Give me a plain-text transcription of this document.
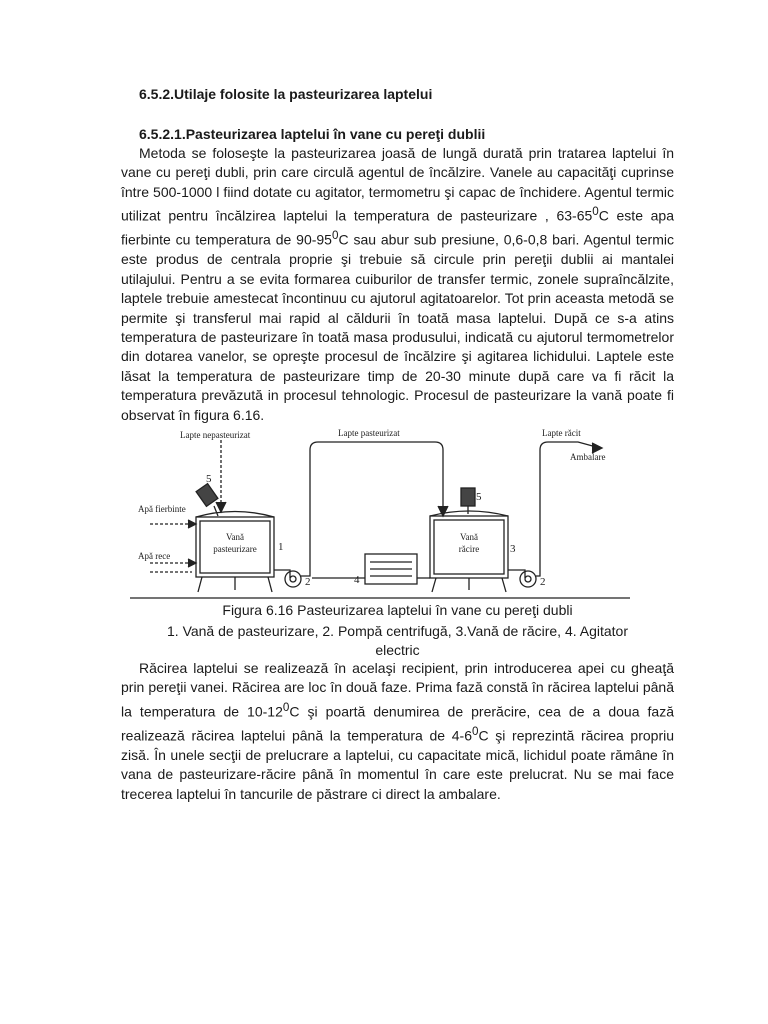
6.5.2.Utilaje folosite la pasteurizarea laptelui
6.5.2.1.Pasteurizarea laptelui în vane cu pereţi dublii

Metoda se foloseşte la pasteurizarea joasă de lungă durată prin tratarea laptelui în vane cu pereţi dubli, prin care circulă agentul de încălzire. Vanele au capacităţi cuprinse între 500-1000 l fiind dotate cu agitator, termometru şi capac de închidere. Agentul termic utilizat pentru încălzirea laptelui la temperatura de pasteurizare , $63-65^0C$ este apa fierbinte cu temperatura de $90-95^0C$ sau abur sub presiune, 0,6-0,8 bari. Agentul termic este produs de centrala proprie şi trebuie să circule prin pereţii dublii ai mantalei utilajului. Pentru a se evita formarea cuiburilor de transfer termic, zonele supraîncălzite, laptele trebuie amestecat încontinuu cu ajutorul agitatoarelor. Tot prin aceasta metodă se permite şi transferul mai rapid al căldurii în toată masa laptelui. După ce s-a atins temperatura de pasteurizare în toată masa produsului, indicată cu ajutorul termometrelor din dotarea vanelor, se opreşte procesul de încălzire şi agitarea lichidului. Laptele este lăsat la temperatura de pasteurizare timp de 20-30 minute după care va fi răcit la temperatura prevăzută in procesul tehnologic. Procesul de pasteurizare la vană poate fi observat în figura 6.16.

Lapte nepasteurizat	Lapte pasteurizat	Lapte răcit
Ambalare
Apă fierbinte
Apă rece
Vană
pasteurizare
Vană
răcire
1
2	2
3
4
5
5
Figura 6.16 Pasteurizarea laptelui în vane cu pereţi dubli
1. Vană de pasteurizare, 2. Pompă centrifugă, 3.Vană de răcire, 4. Agitator
electric

Răcirea laptelui se realizează în acelaşi recipient, prin introducerea apei cu gheaţă prin pereţii vanei. Răcirea are loc în două faze. Prima fază constă în răcirea laptelui până la temperatura de $10-12^0C$ şi poartă denumirea de prerăcire, cea de a doua fază realizează răcirea laptelui până la temperatura de $4-6^0C$ şi reprezintă răcirea propriu zisă. În unele secţii de prelucrare a laptelui, cu capacitate mică, lichidul poate rămâne în vana de pasteurizare-răcire până în momentul în care este prelucrat. Nu se mai face trecerea laptelui în tancurile de păstrare ci direct la ambalare.
